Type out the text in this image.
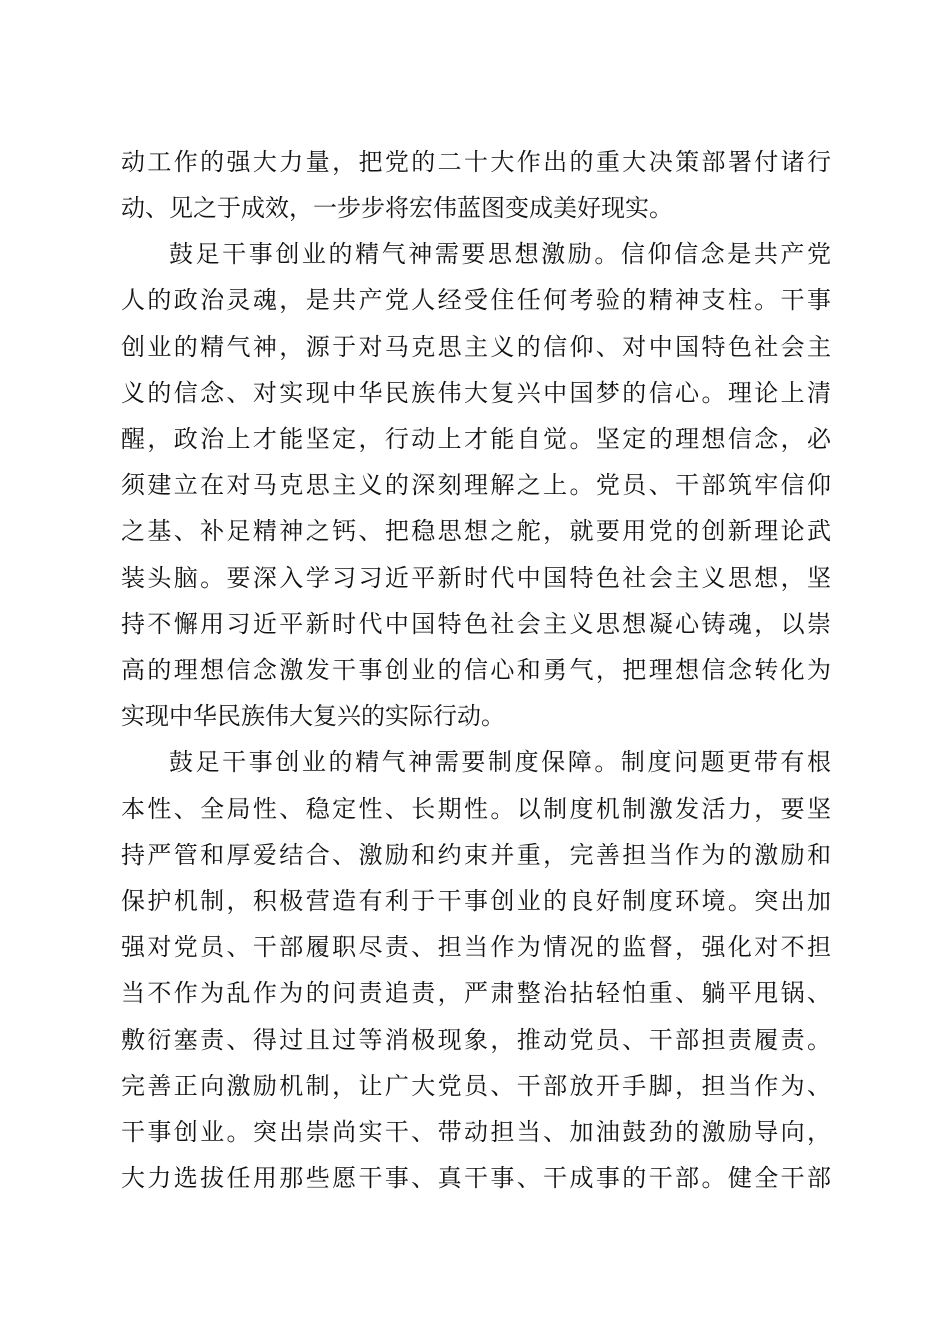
动工作的强大力量，把党的二十大作出的重大决策部署付诸行
动、见之于成效，一步步将宏伟蓝图变成美好现实。
鼓足干事创业的精气神需要思想激励。信仰信念是共产党
人的政治灵魂，是共产党人经受住任何考验的精神支柱。干事
创业的精气神，源于对马克思主义的信仰、对中国特色社会主
义的信念、对实现中华民族伟大复兴中国梦的信心。理论上清
醒，政治上才能坚定，行动上才能自觉。坚定的理想信念，必
须建立在对马克思主义的深刻理解之上。党员、干部筑牢信仰
之基、补足精神之钙、把稳思想之舵，就要用党的创新理论武
装头脑。要深入学习习近平新时代中国特色社会主义思想，坚
持不懈用习近平新时代中国特色社会主义思想凝心铸魂，以崇
高的理想信念激发干事创业的信心和勇气，把理想信念转化为
实现中华民族伟大复兴的实际行动。
鼓足干事创业的精气神需要制度保障。制度问题更带有根
本性、全局性、稳定性、长期性。以制度机制激发活力，要坚
持严管和厚爱结合、激励和约束并重，完善担当作为的激励和
保护机制，积极营造有利于干事创业的良好制度环境。突出加
强对党员、干部履职尽责、担当作为情况的监督，强化对不担
当不作为乱作为的问责追责，严肃整治拈轻怕重、躺平甩锅、
敷衍塞责、得过且过等消极现象，推动党员、干部担责履责。
完善正向激励机制，让广大党员、干部放开手脚，担当作为、
干事创业。突出崇尚实干、带动担当、加油鼓劲的激励导向，
大力选拔任用那些愿干事、真干事、干成事的干部。健全干部
